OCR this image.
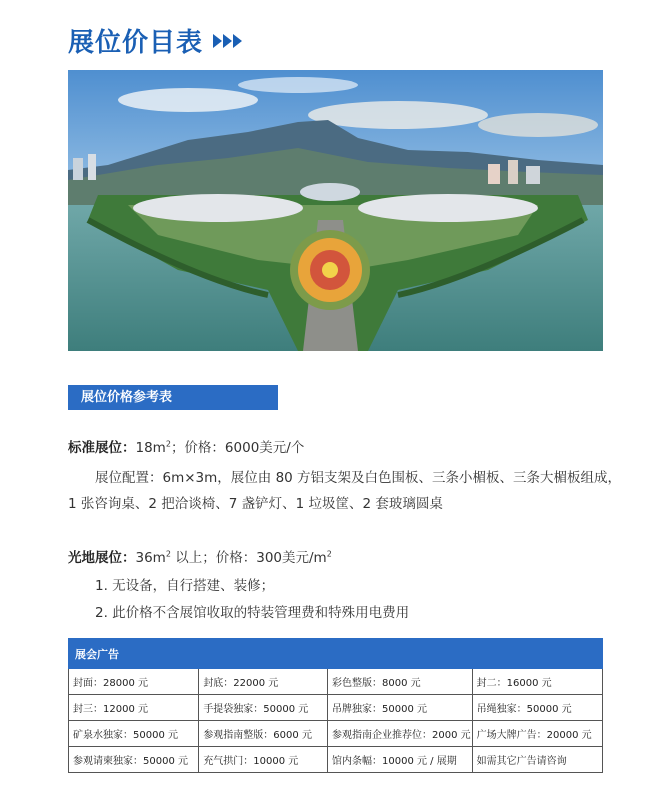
展位价目表
展位价格参考表
标准展位：$18m^2$；价格：6000美元/个
展位配置：6m×3m，展位由 80 方铝支架及白色围板、三条小楣板、三条大楣板组成，
1 张咨询桌、2 把洽谈椅、7 盏铲灯、1 垃圾筐、2 套玻璃圆桌
光地展位：$36m^2$ 以上；价格：300美元$/m^2$
1. 无设备，自行搭建、装修；
2. 此价格不含展馆收取的特装管理费和特殊用电费用
展会广告			
封面：28000 元	封底：22000 元	彩色整版：8000 元	封二：16000 元
封三：12000 元	手提袋独家：50000 元	吊牌独家：50000 元	吊绳独家：50000 元
矿泉水独家：50000 元	参观指南整版：6000 元	参观指南企业推荐位：2000 元	广场大牌广告：20000 元
参观请柬独家：50000 元	充气拱门：10000 元	馆内条幅：10000 元 / 展期	如需其它广告请咨询
